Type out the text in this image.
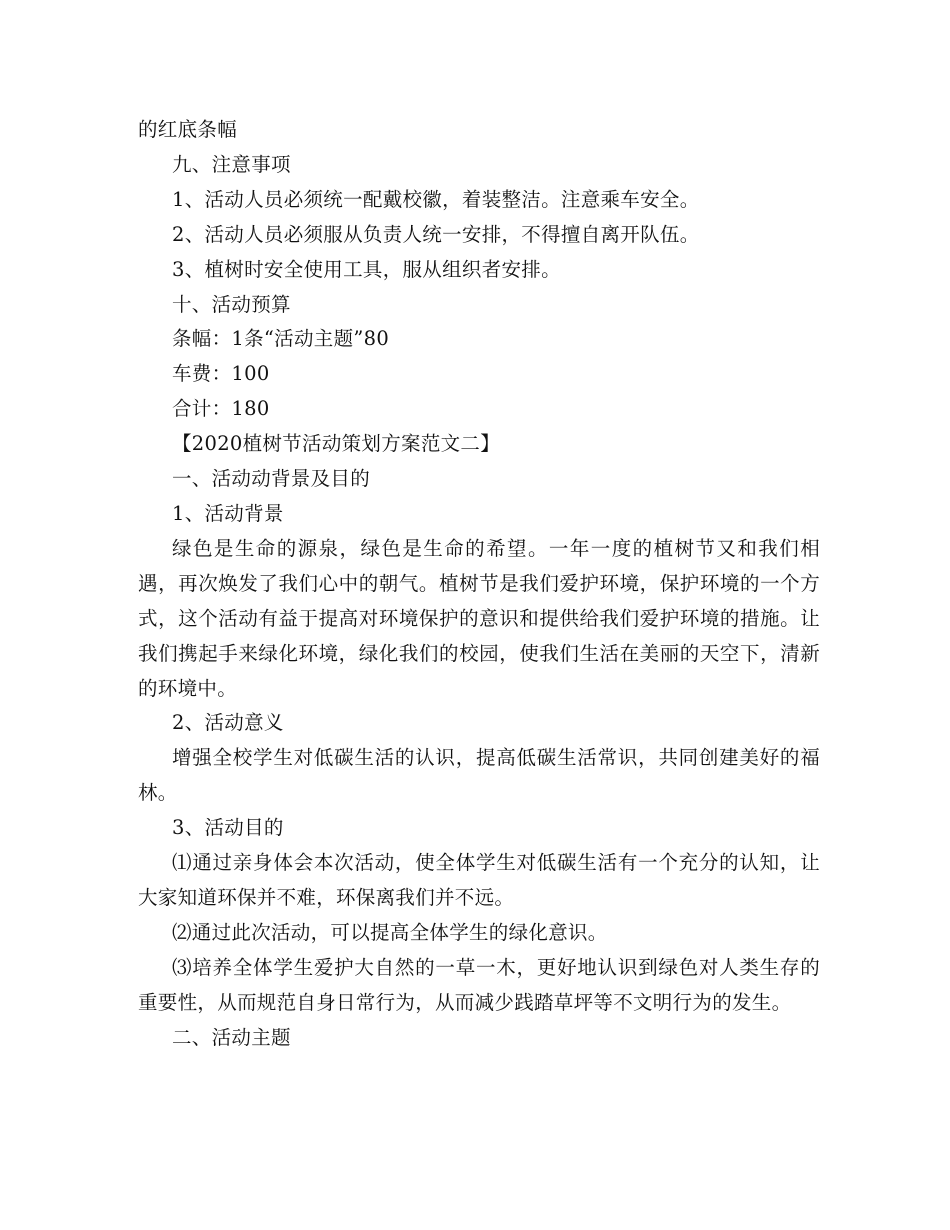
的红底条幅

九、注意事项

1、活动人员必须统一配戴校徽，着装整洁。注意乘车安全。

2、活动人员必须服从负责人统一安排，不得擅自离开队伍。

3、植树时安全使用工具，服从组织者安排。

十、活动预算

条幅：1条“活动主题”80

车费：100

合计：180

【2020植树节活动策划方案范文二】

一、活动动背景及目的

1、活动背景

绿色是生命的源泉，绿色是生命的希望。一年一度的植树节又和我们相遇，再次焕发了我们心中的朝气。植树节是我们爱护环境，保护环境的一个方式，这个活动有益于提高对环境保护的意识和提供给我们爱护环境的措施。让我们携起手来绿化环境，绿化我们的校园，使我们生活在美丽的天空下，清新的环境中。

2、活动意义

增强全校学生对低碳生活的认识，提高低碳生活常识，共同创建美好的福林。

3、活动目的

⑴通过亲身体会本次活动，使全体学生对低碳生活有一个充分的认知，让大家知道环保并不难，环保离我们并不远。

⑵通过此次活动，可以提高全体学生的绿化意识。

⑶培养全体学生爱护大自然的一草一木，更好地认识到绿色对人类生存的重要性，从而规范自身日常行为，从而减少践踏草坪等不文明行为的发生。

二、活动主题
